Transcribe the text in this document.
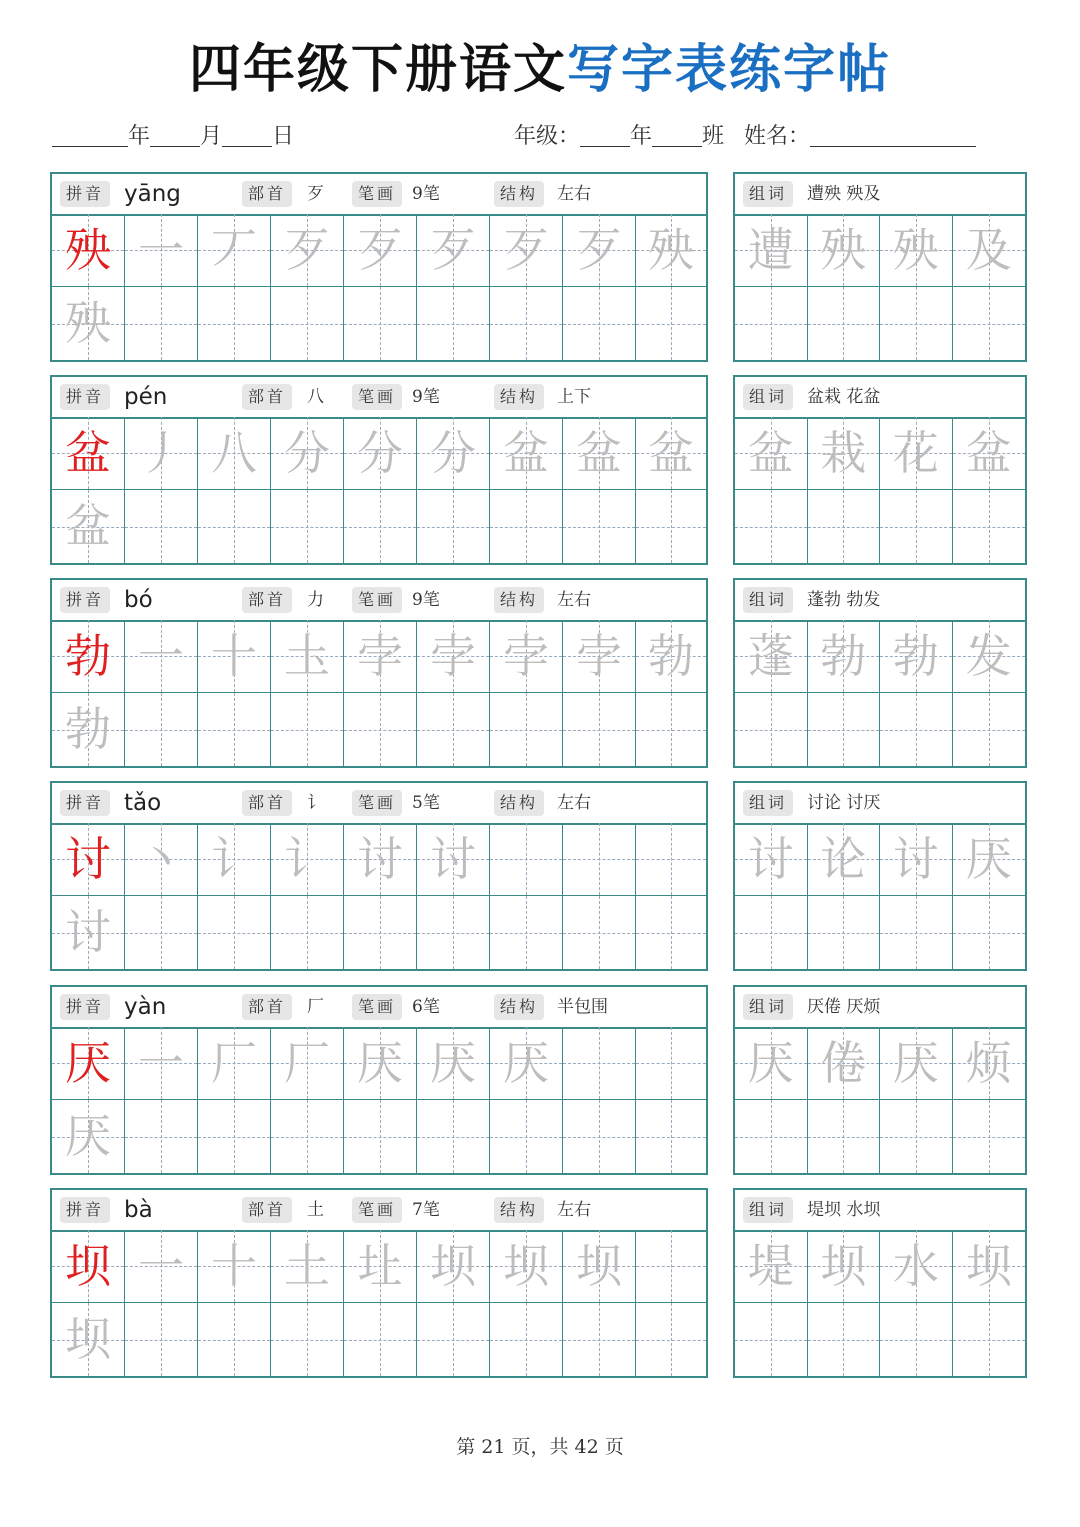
四年级下册语文写字表练字帖
年 月 日	年级： 年 班 姓名：
拼音 yāng	部首	歹	笔画 9笔	结构	左右
殃 一 丆 歹 歹 歹 歹 歹 殃
殃
组词	遭殃 殃及
遭 殃 殃 及
拼音 pén	部首	八	笔画 9笔	结构	上下
盆 丿 八 分 分 分 盆 盆 盆
盆
组词	盆栽 花盆
盆 栽 花 盆
拼音 bó	部首	力	笔画 9笔	结构	左右
勃 一 十 圡 孛 孛 孛 孛 勃
勃
组词	蓬勃 勃发
蓬 勃 勃 发
拼音 tǎo	部首	讠	笔画 5笔	结构	左右
讨 丶 讠 讠 讨 讨
讨
组词	讨论 讨厌
讨 论 讨 厌
拼音 yàn	部首	厂	笔画 6笔	结构	半包围
厌 一 厂 厂 厌 厌 厌
厌
组词	厌倦 厌烦
厌 倦 厌 烦
拼音 bà	部首	土	笔画 7笔	结构	左右
坝 一 十 土 圵 坝 坝 坝
坝
组词	堤坝 水坝
堤 坝 水 坝
第 21 页，共 42 页
